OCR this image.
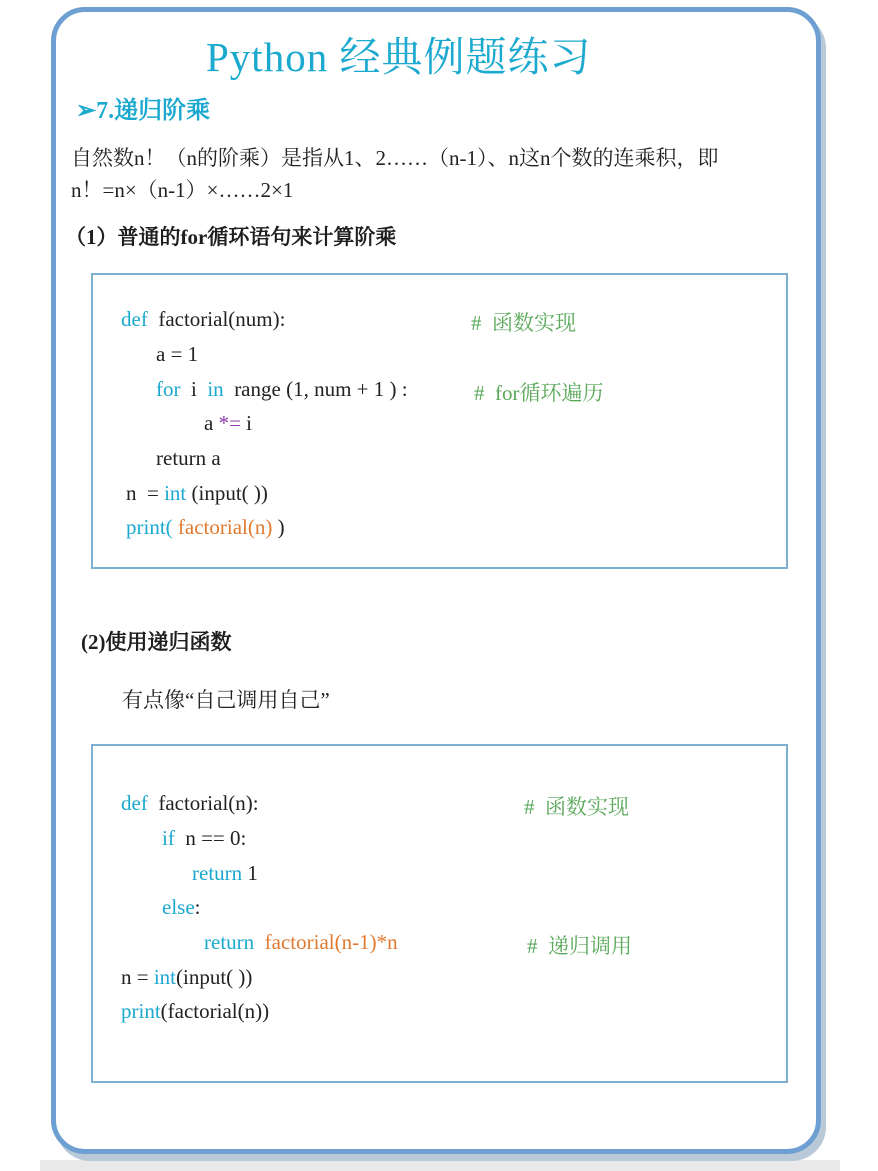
Python 经典例题练习
➢7.递归阶乘
自然数n！（n的阶乘）是指从1、2……（n-1）、n这n个数的连乘积，即
n！=n×（n-1）×……2×1
（1）普通的for循环语句来计算阶乘
def factorial(num):	#  函数实现
a = 1
for i in range (1, num + 1 ) :	#  for循环遍历
a *= i
return a
n  = int (input( ))
print( factorial(n) )
(2)使用递归函数
有点像“自己调用自己”
def factorial(n):	#  函数实现
if n == 0:
return 1
else:
return factorial(n-1)*n	#  递归调用
n = int(input( ))
print(factorial(n))
